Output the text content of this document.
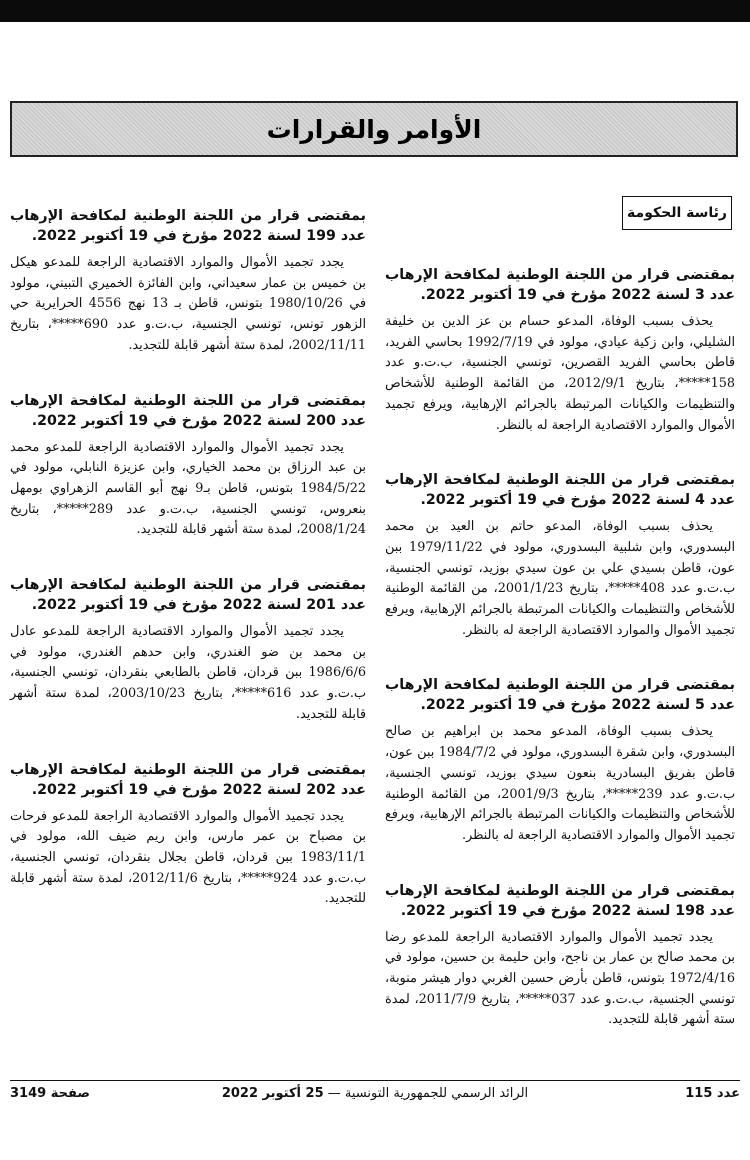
الأوامر والقرارات
رئاسة الحكومة

بمقتضى قرار من اللجنة الوطنية لمكافحة الإرهاب عدد 199 لسنة 2022 مؤرخ في 19 أكتوبر 2022.

يجدد تجميد الأموال والموارد الاقتصادية الراجعة للمدعو هيكل بن خميس بن عمار سعيداني، وابن الفائزة الخميري التبيني، مولود في 1980/10/26 بتونس، قاطن بـ 13 نهج 4556 الحرايرية حي الزهور تونس، تونسي الجنسية، ب.ت.و عدد 690*****، بتاريخ 2002/11/11، لمدة ستة أشهر قابلة للتجديد.

بمقتضى قرار من اللجنة الوطنية لمكافحة الإرهاب عدد 200 لسنة 2022 مؤرخ في 19 أكتوبر 2022.

يجدد تجميد الأموال والموارد الاقتصادية الراجعة للمدعو محمد بن عبد الرزاق بن محمد الخياري، وابن عزيزة النابلي، مولود في 1984/5/22 بتونس، قاطن بـ9 نهج أبو القاسم الزهراوي بومهل بنعروس، تونسي الجنسية، ب.ت.و عدد 289*****، بتاريخ 2008/1/24، لمدة ستة أشهر قابلة للتجديد.

بمقتضى قرار من اللجنة الوطنية لمكافحة الإرهاب عدد 201 لسنة 2022 مؤرخ في 19 أكتوبر 2022.

يجدد تجميد الأموال والموارد الاقتصادية الراجعة للمدعو عادل بن محمد بن ضو الغندري، وابن حدهم الغندري، مولود في 1986/6/6 ببن قردان، قاطن بالطابعي بنقردان، تونسي الجنسية، ب.ت.و عدد 616*****، بتاريخ 2003/10/23، لمدة ستة أشهر قابلة للتجديد.

بمقتضى قرار من اللجنة الوطنية لمكافحة الإرهاب عدد 202 لسنة 2022 مؤرخ في 19 أكتوبر 2022.

يجدد تجميد الأموال والموارد الاقتصادية الراجعة للمدعو فرحات بن مصباح بن عمر مارس، وابن ريم ضيف الله، مولود في 1983/11/1 ببن قردان، قاطن بجلال بنقردان، تونسي الجنسية، ب.ت.و عدد 924*****، بتاريخ 2012/11/6، لمدة ستة أشهر قابلة للتجديد.

بمقتضى قرار من اللجنة الوطنية لمكافحة الإرهاب عدد 3 لسنة 2022 مؤرخ في 19 أكتوبر 2022.

يحذف بسبب الوفاة، المدعو حسام بن عز الدين بن خليفة الشليلي، وابن زكية عيادي، مولود في 1992/7/19 بحاسي الفريد، قاطن بحاسي الفريد القصرين، تونسي الجنسية، ب.ت.و عدد 158*****، بتاريخ 2012/9/1، من القائمة الوطنية للأشخاص والتنظيمات والكيانات المرتبطة بالجرائم الإرهابية، ويرفع تجميد الأموال والموارد الاقتصادية الراجعة له بالنظر.

بمقتضى قرار من اللجنة الوطنية لمكافحة الإرهاب عدد 4 لسنة 2022 مؤرخ في 19 أكتوبر 2022.

يحذف بسبب الوفاة، المدعو حاتم بن العيد بن محمد البسدوري، وابن شلبية البسدوري، مولود في 1979/11/22 ببن عون، قاطن بسيدي علي بن عون سيدي بوزيد، تونسي الجنسية، ب.ت.و عدد 408*****، بتاريخ 2001/1/23، من القائمة الوطنية للأشخاص والتنظيمات والكيانات المرتبطة بالجرائم الإرهابية، ويرفع تجميد الأموال والموارد الاقتصادية الراجعة له بالنظر.

بمقتضى قرار من اللجنة الوطنية لمكافحة الإرهاب عدد 5 لسنة 2022 مؤرخ في 19 أكتوبر 2022.

يحذف بسبب الوفاة، المدعو محمد بن ابراهيم بن صالح البسدوري، وابن شقرة البسدوري، مولود في 1984/7/2 ببن عون، قاطن بفريق البسادرية بنعون سيدي بوزيد، تونسي الجنسية، ب.ت.و عدد 239*****، بتاريخ 2001/9/3، من القائمة الوطنية للأشخاص والتنظيمات والكيانات المرتبطة بالجرائم الإرهابية، ويرفع تجميد الأموال والموارد الاقتصادية الراجعة له بالنظر.

بمقتضى قرار من اللجنة الوطنية لمكافحة الإرهاب عدد 198 لسنة 2022 مؤرخ في 19 أكتوبر 2022.

يجدد تجميد الأموال والموارد الاقتصادية الراجعة للمدعو رضا بن محمد صالح بن عمار بن ناجح، وابن حليمة بن حسين، مولود في 1972/4/16 بتونس، قاطن بأرض حسين الغربي دوار هيشر منوبة، تونسي الجنسية، ب.ت.و عدد 037*****، بتاريخ 2011/7/9، لمدة ستة أشهر قابلة للتجديد.

صفحة 3149	الرائد الرسمي للجمهورية التونسية — 25 أكتوبر 2022	عدد 115
